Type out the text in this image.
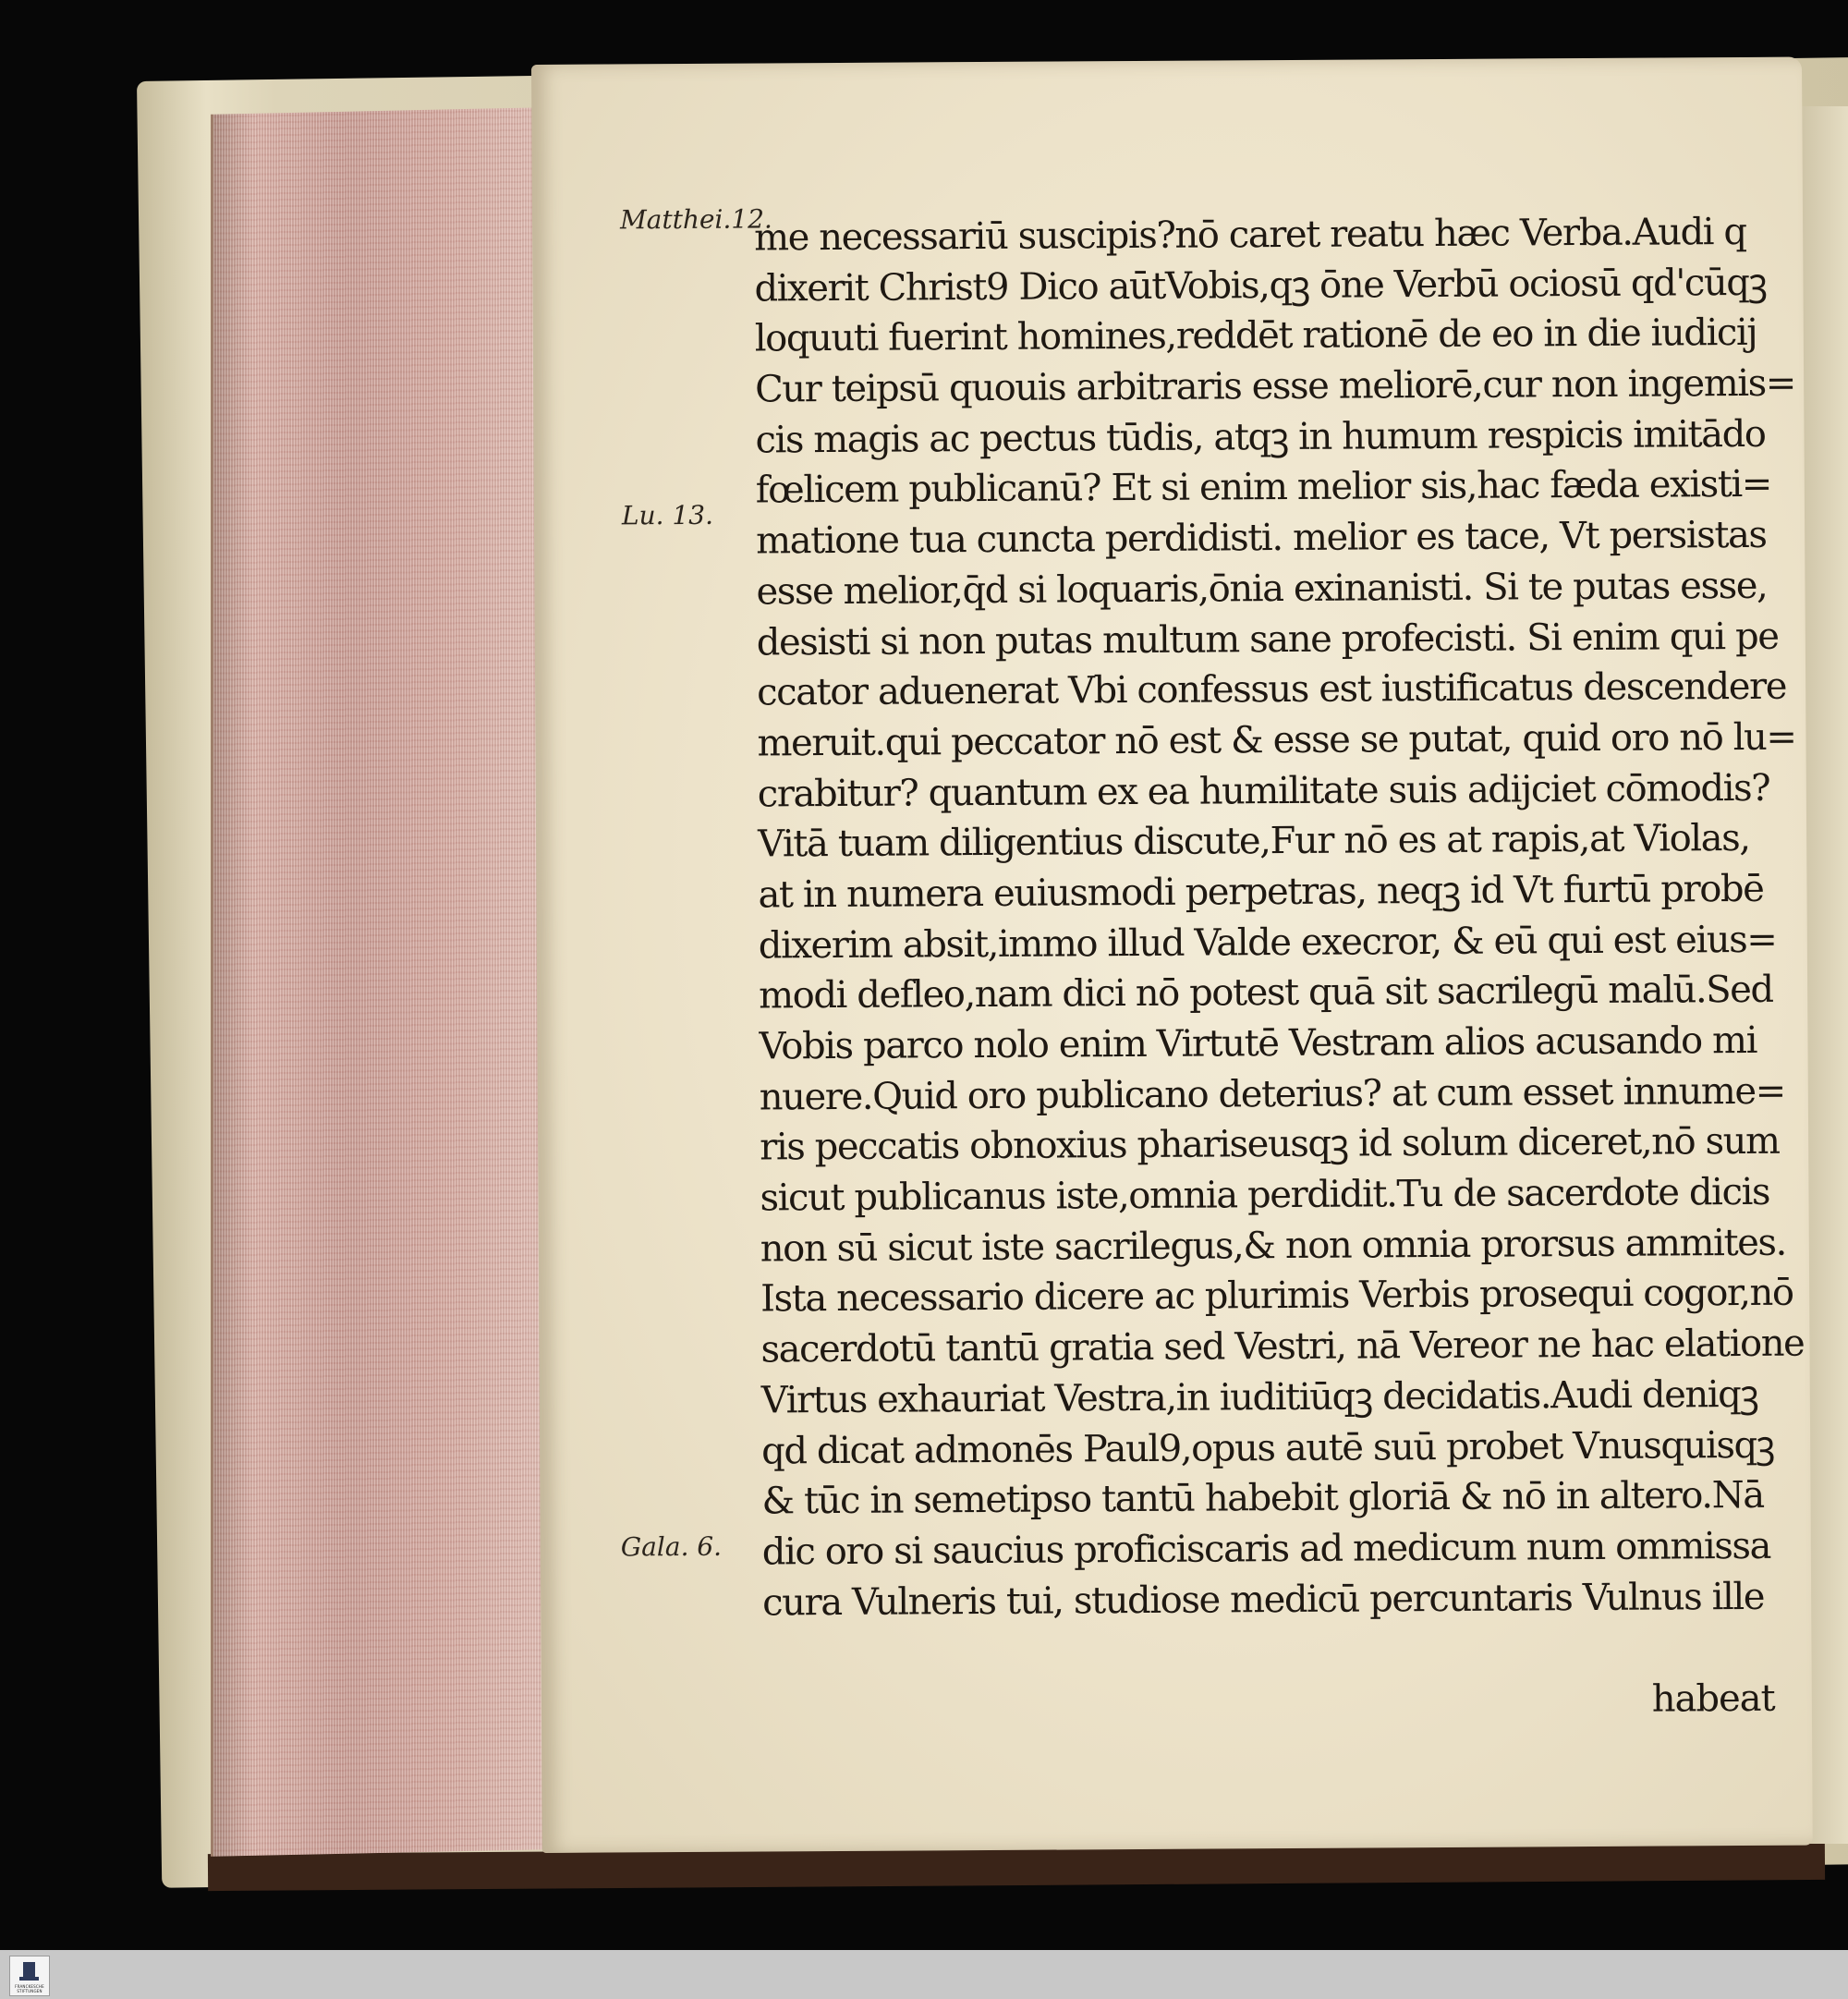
Matthei.12.
Lu. 13.
Gala. 6.
me necessariū suscipis?nō caret reatu hæc Verba.Audi q
dixerit Christ9 Dico aūtVobis,qꝫ ōne Verbū ociosū qd'cūqꝫ
loquuti fuerint homines,reddēt rationē de eo in die iudicij
Cur teipsū quouis arbitraris esse meliorē,cur non ingemis=
cis magis ac pectus tūdis, atqꝫ in humum respicis imitādo
fœlicem publicanū? Et si enim melior sis,hac fæda existi=
matione tua cuncta perdidisti. melior es tace, Vt persistas
esse melior,q̄d si loquaris,ōnia exinanisti. Si te putas esse,
desisti si non putas multum sane profecisti. Si enim qui pe
ccator aduenerat Vbi confessus est iustificatus descendere
meruit.qui peccator nō est & esse se putat, quid oro nō lu=
crabitur? quantum ex ea humilitate suis adijciet cōmodis?
Vitā tuam diligentius discute,Fur nō es at rapis,at Violas,
at in numera euiusmodi perpetras, neqꝫ id Vt furtū probē
dixerim absit,immo illud Valde execror, & eū qui est eius=
modi defleo,nam dici nō potest quā sit sacrilegū malū.Sed
Vobis parco nolo enim Virtutē Vestram alios acusando mi
nuere.Quid oro publicano deterius? at cum esset innume=
ris peccatis obnoxius phariseusqꝫ id solum diceret,nō sum
sicut publicanus iste,omnia perdidit.Tu de sacerdote dicis
non sū sicut iste sacrilegus,& non omnia prorsus ammites.
Ista necessario dicere ac plurimis Verbis prosequi cogor,nō
sacerdotū tantū gratia sed Vestri, nā Vereor ne hac elatione
Virtus exhauriat Vestra,in iuditiūqꝫ decidatis.Audi deniqꝫ
qd dicat admonēs Paul9,opus autē suū probet Vnusquisqꝫ
& tūc in semetipso tantū habebit gloriā & nō in altero.Nā
dic oro si saucius proficiscaris ad medicum num ommissa
cura Vulneris tui, studiose medicū percuntaris Vulnus ille
habeat
FRANCKESCHE STIFTUNGEN
